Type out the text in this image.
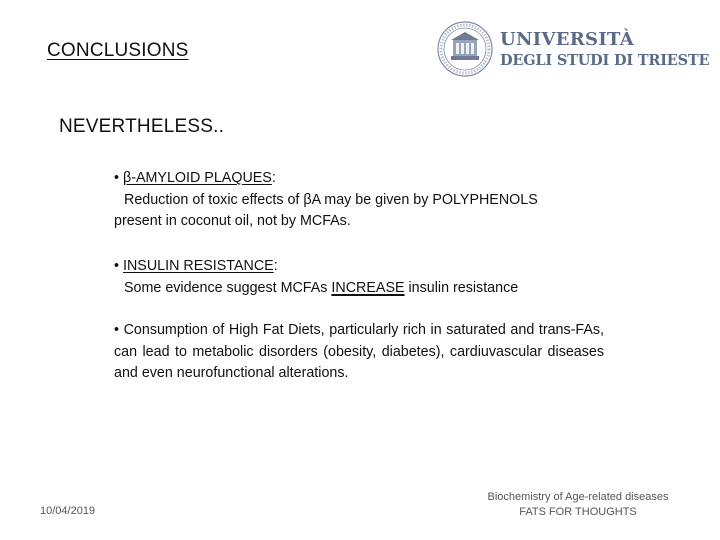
CONCLUSIONS
UNIVERSITÀ
DEGLI STUDI DI TRIESTE
NEVERTHELESS..
• β-AMYLOID PLAQUES:
Reduction of toxic effects of βA may be given by POLYPHENOLS
present in coconut oil, not by MCFAs.
• INSULIN RESISTANCE:
Some evidence suggest MCFAs INCREASE insulin resistance
• Consumption of High Fat Diets, particularly rich in saturated and trans-FAs, can lead to metabolic disorders (obesity, diabetes), cardiuvascular diseases and even neurofunctional alterations.
10/04/2019
Biochemistry of Age-related diseases
FATS FOR THOUGHTS
